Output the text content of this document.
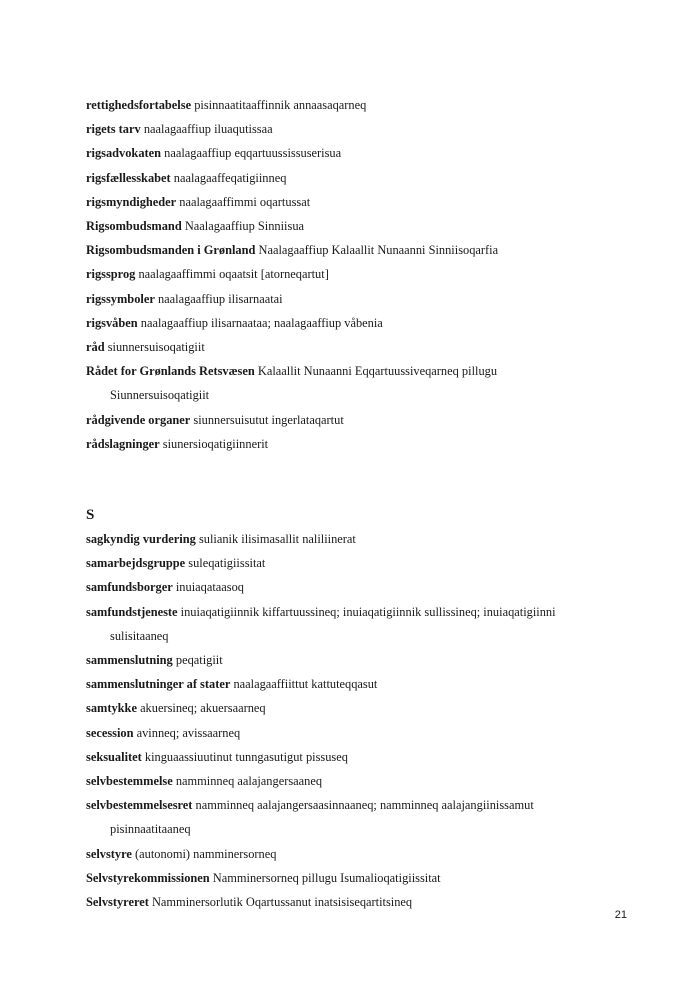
rettighedsfortabelse pisinnaatitaaffinnik annaasaqarneq

rigets tarv naalagaaffiup iluaqutissaa

rigsadvokaten naalagaaffiup eqqartuussissuserisua

rigsfællesskabet naalagaaffeqatigiinneq

rigsmyndigheder naalagaaffimmi oqartussat

Rigsombudsmand Naalagaaffiup Sinniisua

Rigsombudsmanden i Grønland Naalagaaffiup Kalaallit Nunaanni Sinniisoqarfia

rigssprog naalagaaffimmi oqaatsit [atorneqartut]

rigssymboler naalagaaffiup ilisarnaatai

rigsvåben naalagaaffiup ilisarnaataa; naalagaaffiup våbenia

råd siunnersuisoqatigiit

Rådet for Grønlands Retsvæsen Kalaallit Nunaanni Eqqartuussiveqarneq pillugu
Siunnersuisoqatigiit

rådgivende organer siunnersuisutut ingerlataqartut

rådslagninger siunersioqatigiinnerit

S

sagkyndig vurdering sulianik ilisimasallit naliliinerat

samarbejdsgruppe suleqatigiissitat

samfundsborger inuiaqataasoq

samfundstjeneste inuiaqatigiinnik kiffartuussineq; inuiaqatigiinnik sullissineq; inuiaqatigiinni
sulisitaaneq

sammenslutning peqatigiit

sammenslutninger af stater naalagaaffiittut kattuteqqasut

samtykke akuersineq; akuersaarneq

secession avinneq; avissaarneq

seksualitet kinguaassiuutinut tunngasutigut pissuseq

selvbestemmelse namminneq aalajangersaaneq

selvbestemmelsesret namminneq aalajangersaasinnaaneq; namminneq aalajangiinissamut
pisinnaatitaaneq

selvstyre (autonomi) namminersorneq

Selvstyrekommissionen Namminersorneq pillugu Isumalioqatigiissitat

Selvstyreret Namminersorlutik Oqartussanut inatsisiseqartitsineq

21
